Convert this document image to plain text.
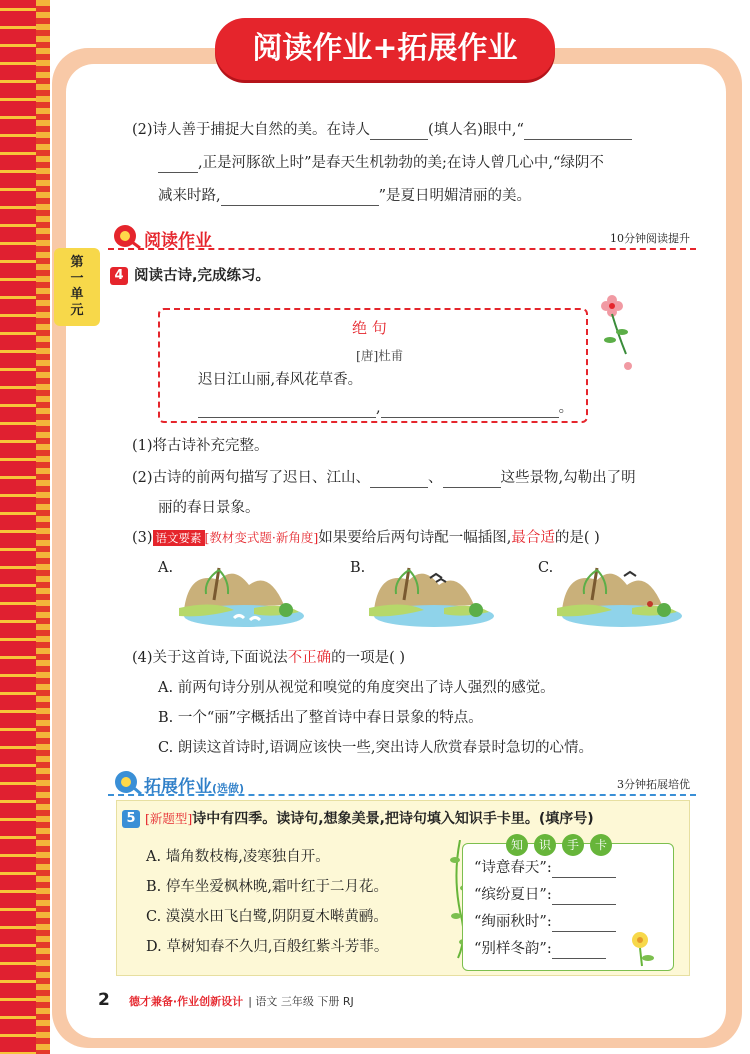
阅读作业+拓展作业
第
一
单
元
(2)诗人善于捕捉大自然的美。在诗人	(填人名)眼中,“
,正是河豚欲上时”是春天生机勃勃的美;在诗人曾几心中,“绿阴不
减来时路,	”是夏日明媚清丽的美。
阅读作业	10分钟阅读提升
4 阅读古诗,完成练习。
绝 句
[唐]杜甫
迟日江山丽,春风花草香。
,	。
(1)将古诗补充完整。
(2)古诗的前两句描写了迟日、江山、	、	这些景物,勾勒出了明
丽的春日景象。
(3) 语文要素 [教材变式题·新角度]如果要给后两句诗配一幅插图,最合适的是( )
A.	B.	C.
(4)关于这首诗,下面说法不正确的一项是( )
A. 前两句诗分别从视觉和嗅觉的角度突出了诗人强烈的感觉。
B. 一个“丽”字概括出了整首诗中春日景象的特点。
C. 朗读这首诗时,语调应该快一些,突出诗人欣赏春景时急切的心情。
拓展作业(选做)	3分钟拓展培优
5 [新题型]诗中有四季。读诗句,想象美景,把诗句填入知识手卡里。(填序号)
A. 墙角数枝梅,凌寒独自开。
B. 停车坐爱枫林晚,霜叶红于二月花。
C. 漠漠水田飞白鹭,阴阴夏木啭黄鹂。
D. 草树知春不久归,百般红紫斗芳菲。
知	识	手	卡
“诗意春天”:
“缤纷夏日”:
“绚丽秋时”:
“别样冬韵”:
2 德才兼备·作业创新设计 | 语文 三年级 下册 RJ
